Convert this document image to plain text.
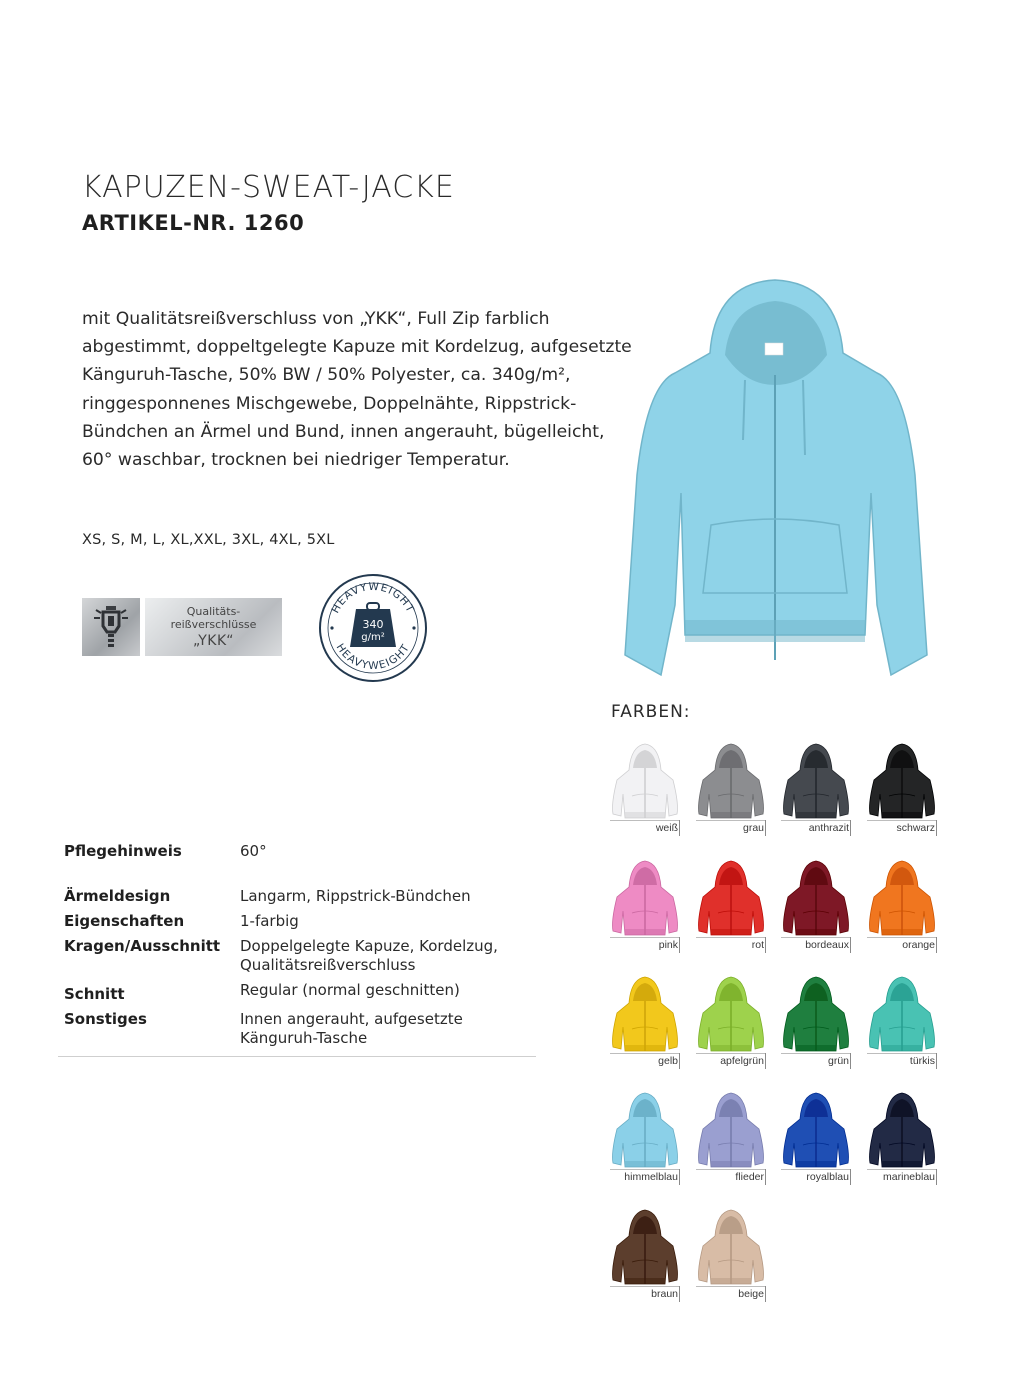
KAPUZEN-SWEAT-JACKE
ARTIKEL-NR. 1260
mit Qualitätsreißverschluss von „YKK“, Full Zip farblich
abgestimmt, doppeltgelegte Kapuze mit Kordelzug, aufgesetzte
Känguruh-Tasche, 50% BW / 50% Polyester, ca. 340g/m²,
ringgesponnenes Mischgewebe, Doppelnähte, Rippstrick-
Bündchen an Ärmel und Bund, innen angerauht, bügelleicht,
60° waschbar, trocknen bei niedriger Temperatur.
XS, S, M, L, XL,XXL, 3XL, 4XL, 5XL
Qualitäts-
reißverschlüsse
„YKK“
HEAVYWEIGHT
HEAVYWEIGHT
340
g/m²
FARBEN:
weiß	grau	anthrazit	schwarz
pink	rot	bordeaux	orange
gelb	apfelgrün	grün	türkis
himmelblau	flieder	royalblau	marineblau
braun	beige
Pflegehinweis	60°
Ärmeldesign	Langarm, Rippstrick-Bündchen
Eigenschaften	1-farbig
Kragen/Ausschnitt	Doppelgelegte Kapuze, Kordelzug,
Qualitätsreißverschluss
Schnitt	Regular (normal geschnitten)
Sonstiges	Innen angerauht, aufgesetzte
Känguruh-Tasche
